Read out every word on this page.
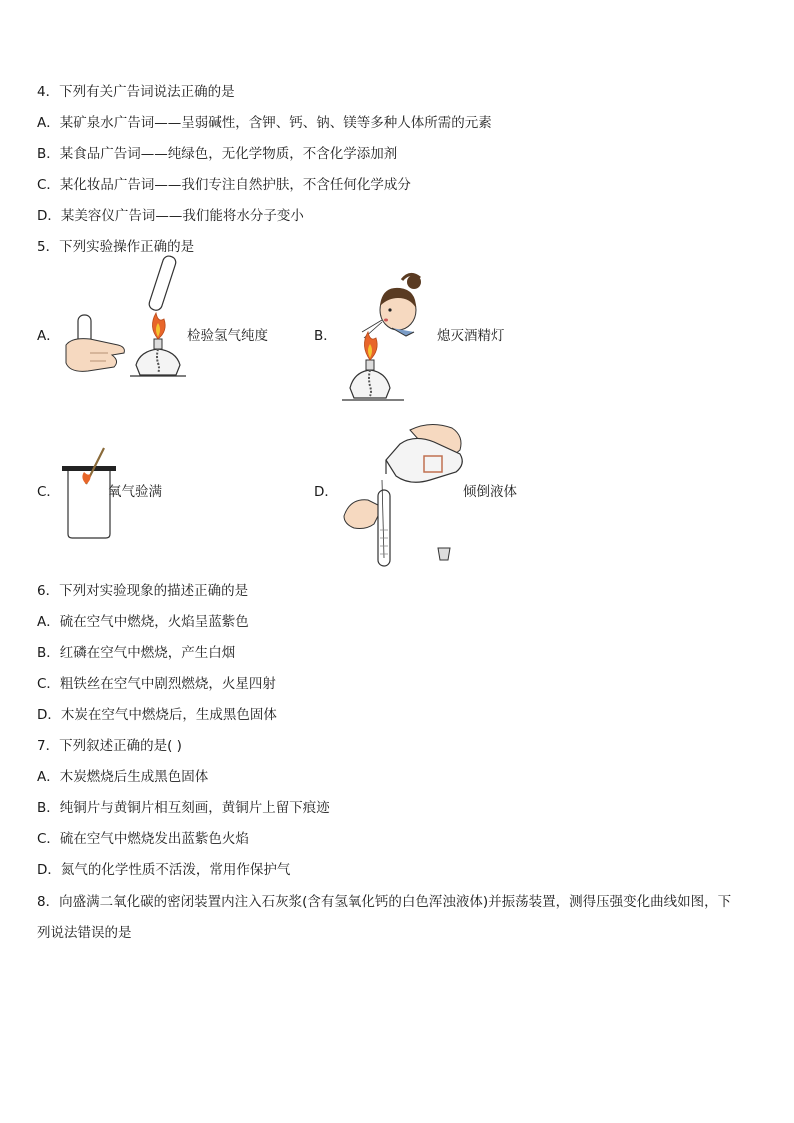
4．下列有关广告词说法正确的是
A．某矿泉水广告词——呈弱碱性，含钾、钙、钠、镁等多种人体所需的元素
B．某食品广告词——纯绿色，无化学物质，不含化学添加剂
C．某化妆品广告词——我们专注自然护肤，不含任何化学成分
D．某美容仪广告词——我们能将水分子变小
5．下列实验操作正确的是
A．	检验氢气纯度	B．	熄灭酒精灯
C．	氧气验满	D．	倾倒液体
6．下列对实验现象的描述正确的是
A．硫在空气中燃烧，火焰呈蓝紫色
B．红磷在空气中燃烧，产生白烟
C．粗铁丝在空气中剧烈燃烧，火星四射
D．木炭在空气中燃烧后，生成黑色固体
7．下列叙述正确的是( )
A．木炭燃烧后生成黑色固体
B．纯铜片与黄铜片相互刻画，黄铜片上留下痕迹
C．硫在空气中燃烧发出蓝紫色火焰
D．氮气的化学性质不活泼，常用作保护气
8．向盛满二氧化碳的密闭装置内注入石灰浆(含有氢氧化钙的白色浑浊液体)并振荡装置，测得压强变化曲线如图，下
列说法错误的是
